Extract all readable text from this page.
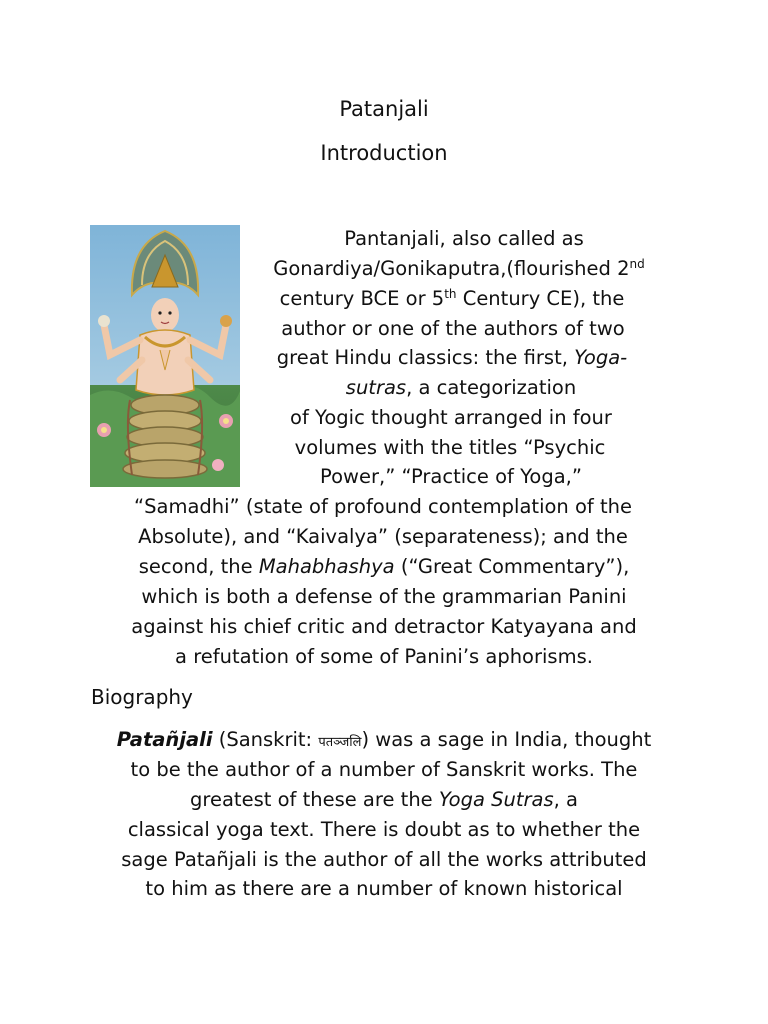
Patanjali
Introduction
Pantanjali, also called as
Gonardiya/Gonikaputra,(flourished 2nd
century BCE or 5th Century CE), the
author or one of the authors of two
great Hindu classics: the first, Yoga-
sutras, a categorization
of Yogic thought arranged in four
volumes with the titles “Psychic
Power,” “Practice of Yoga,”
“Samadhi” (state of profound contemplation of the
Absolute), and “Kaivalya” (separateness); and the
second, the Mahabhashya (“Great Commentary”),
which is both a defense of the grammarian Panini
against his chief critic and detractor Katyayana and
a refutation of some of Panini’s aphorisms.
Biography
Patañjali (Sanskrit: पतञ्जलि) was a sage in India, thought
to be the author of a number of Sanskrit works. The
greatest of these are the Yoga Sutras, a
classical yoga text. There is doubt as to whether the
sage Patañjali is the author of all the works attributed
to him as there are a number of known historical
